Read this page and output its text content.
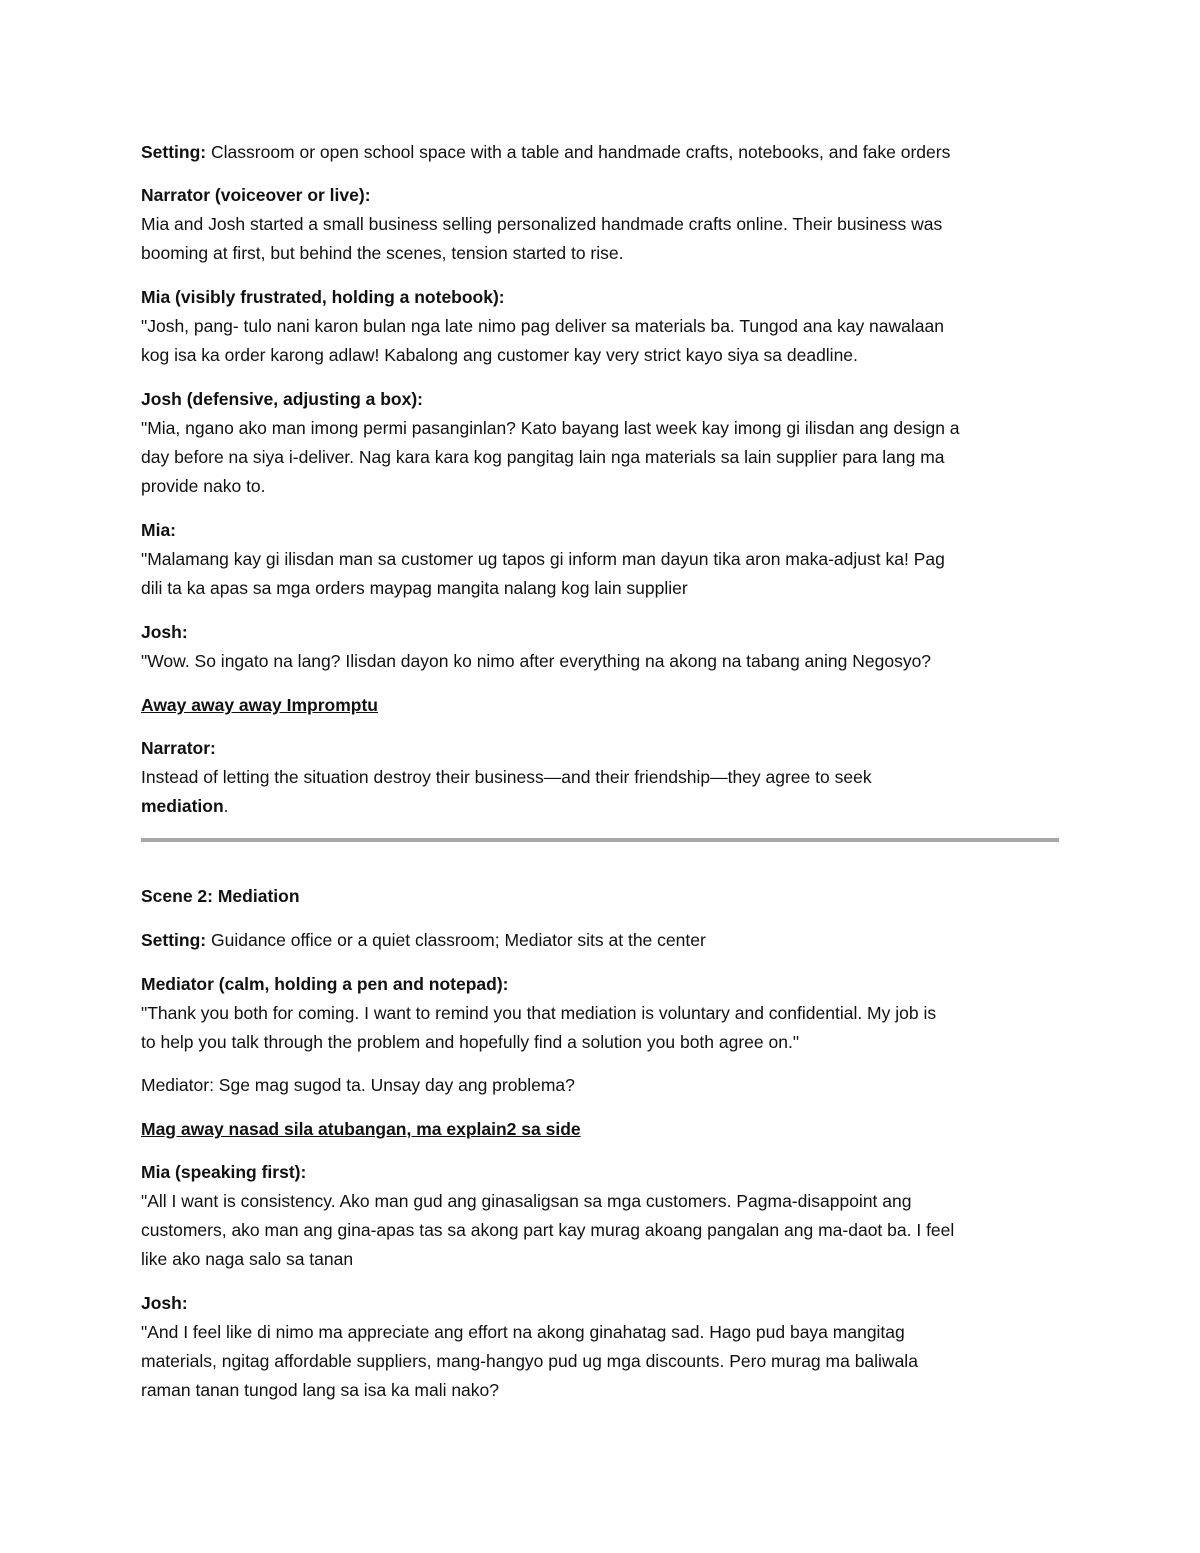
Setting: Classroom or open school space with a table and handmade crafts, notebooks, and fake orders

Narrator (voiceover or live):

Mia and Josh started a small business selling personalized handmade crafts online. Their business was

booming at first, but behind the scenes, tension started to rise.

Mia (visibly frustrated, holding a notebook):

"Josh, pang- tulo nani karon bulan nga late nimo pag deliver sa materials ba. Tungod ana kay nawalaan

kog isa ka order karong adlaw! Kabalong ang customer kay very strict kayo siya sa deadline.

Josh (defensive, adjusting a box):

"Mia, ngano ako man imong permi pasanginlan? Kato bayang last week kay imong gi ilisdan ang design a

day before na siya i-deliver. Nag kara kara kog pangitag lain nga materials sa lain supplier para lang ma

provide nako to.

Mia:

"Malamang kay gi ilisdan man sa customer ug tapos gi inform man dayun tika aron maka-adjust ka! Pag

dili ta ka apas sa mga orders maypag mangita nalang kog lain supplier

Josh:

"Wow. So ingato na lang? Ilisdan dayon ko nimo after everything na akong na tabang aning Negosyo?

Away away away Impromptu

Narrator:

Instead of letting the situation destroy their business—and their friendship—they agree to seek

mediation.

Scene 2: Mediation

Setting: Guidance office or a quiet classroom; Mediator sits at the center

Mediator (calm, holding a pen and notepad):

"Thank you both for coming. I want to remind you that mediation is voluntary and confidential. My job is

to help you talk through the problem and hopefully find a solution you both agree on."

Mediator: Sge mag sugod ta. Unsay day ang problema?

Mag away nasad sila atubangan, ma explain2 sa side

Mia (speaking first):

"All I want is consistency. Ako man gud ang ginasaligsan sa mga customers. Pagma-disappoint ang

customers, ako man ang gina-apas tas sa akong part kay murag akoang pangalan ang ma-daot ba. I feel

like ako naga salo sa tanan

Josh:

"And I feel like di nimo ma appreciate ang effort na akong ginahatag sad. Hago pud baya mangitag

materials, ngitag affordable suppliers, mang-hangyo pud ug mga discounts. Pero murag ma baliwala

raman tanan tungod lang sa isa ka mali nako?
